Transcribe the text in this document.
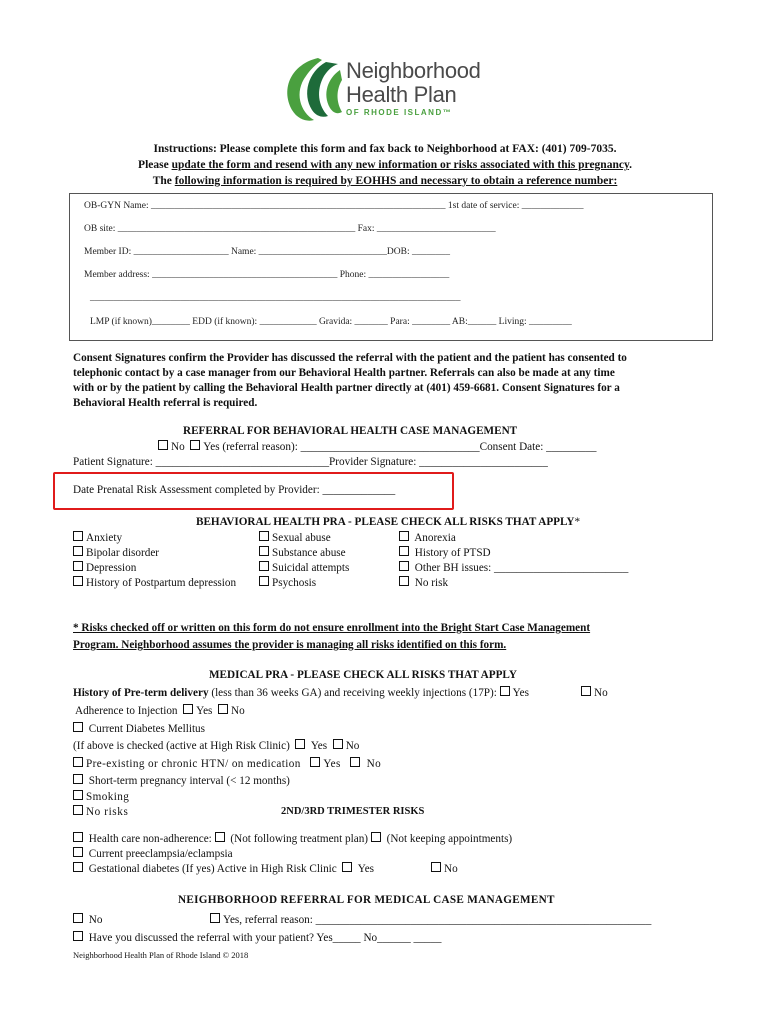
Neighborhood
Health Plan
OF RHODE ISLAND™
Instructions: Please complete this form and fax back to Neighborhood at FAX: (401) 709-7035.
Please update the form and resend with any new information or risks associated with this pregnancy.
The following information is required by EOHHS and necessary to obtain a reference number:
OB-GYN Name: ______________________________________________________________ 1st date of service: _____________
OB site: __________________________________________________ Fax: _________________________
Member ID: ____________________ Name: ___________________________DOB: ________
Member address: _______________________________________ Phone: _________________
______________________________________________________________________________
LMP (if known)________ EDD (if known): ____________ Gravida: _______ Para: ________ AB:______ Living: _________
Consent Signatures confirm the Provider has discussed the referral with the patient and the patient has consented to
telephonic contact by a case manager from our Behavioral Health partner. Referrals can also be made at any time
with or by the patient by calling the Behavioral Health partner directly at (401) 459-6681. Consent Signatures for a
Behavioral Health referral is required.
REFERRAL FOR BEHAVIORAL HEALTH CASE MANAGEMENT
No Yes (referral reason): ________________________________Consent Date: _________
Patient Signature: _______________________________Provider Signature: _______________________
Date Prenatal Risk Assessment completed by Provider: _____________
BEHAVIORAL HEALTH PRA - PLEASE CHECK ALL RISKS THAT APPLY*
Anxiety
Bipolar disorder
Depression
History of Postpartum depression
Sexual abuse
Substance abuse
Suicidal attempts
Psychosis
Anorexia
History of PTSD
Other BH issues: ________________________
No risk
* Risks checked off or written on this form do not ensure enrollment into the Bright Start Case Management
Program. Neighborhood assumes the provider is managing all risks identified on this form.
MEDICAL PRA - PLEASE CHECK ALL RISKS THAT APPLY
History of Pre-term delivery (less than 36 weeks GA) and receiving weekly injections (17P): Yes	No
Adherence to Injection Yes No
Current Diabetes Mellitus
(If above is checked (active at High Risk Clinic) Yes No
Pre-existing or chronic HTN/ on medication Yes No
Short-term pregnancy interval (< 12 months)
Smoking
No risks	2ND/3RD TRIMESTER RISKS
Health care non-adherence: (Not following treatment plan) (Not keeping appointments)
Current preeclampsia/eclampsia
Gestational diabetes (If yes) Active in High Risk Clinic Yes	No
NEIGHBORHOOD REFERRAL FOR MEDICAL CASE MANAGEMENT
No	Yes, referral reason: ____________________________________________________________
Have you discussed the referral with your patient? Yes_____ No______ _____
Neighborhood Health Plan of Rhode Island © 2018
